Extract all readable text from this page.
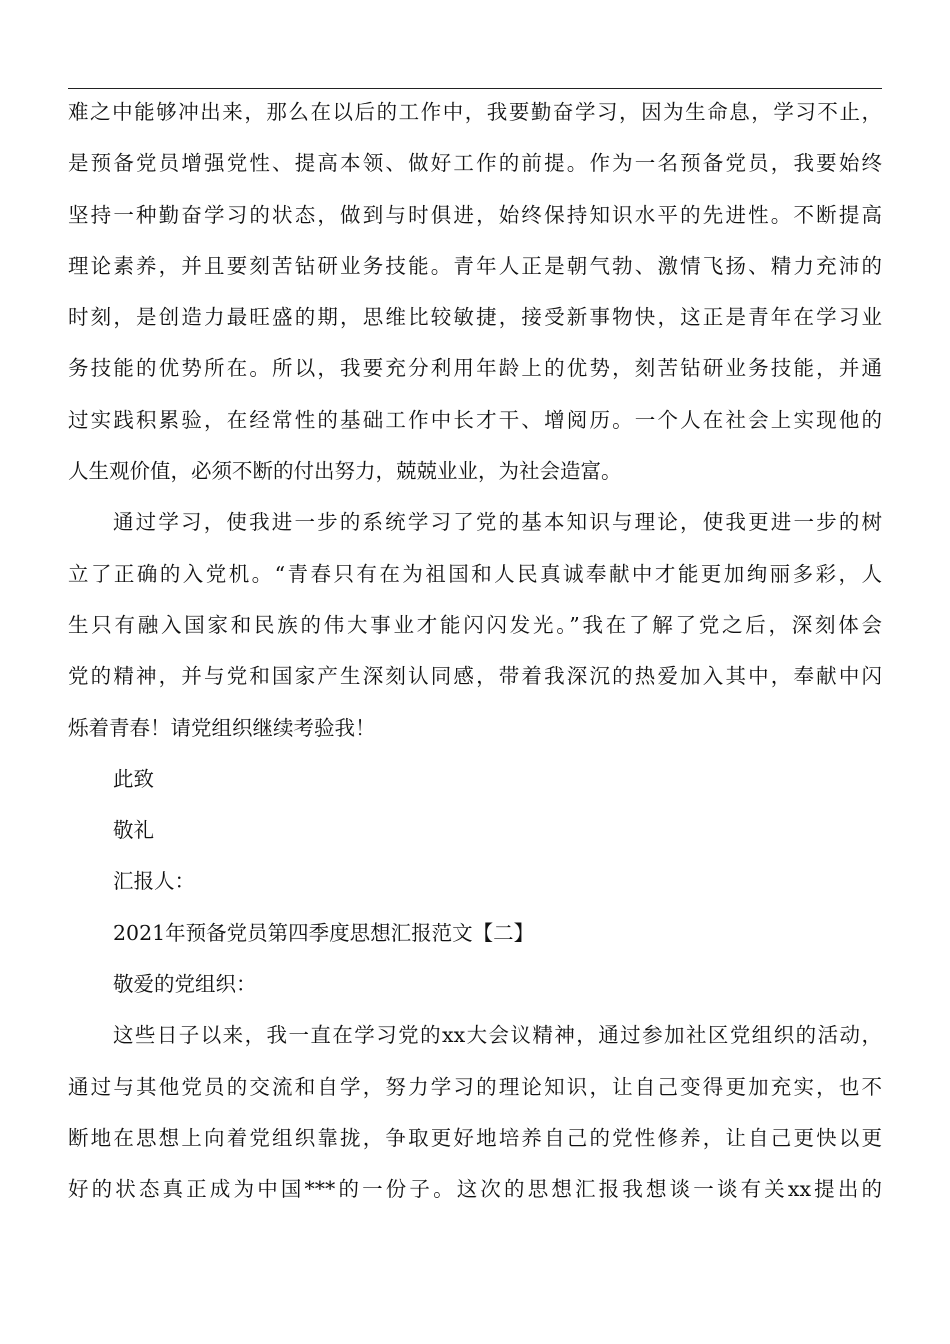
难之中能够冲出来，那么在以后的工作中，我要勤奋学习，因为生命息，学习不止，
是预备党员增强党性、提高本领、做好工作的前提。作为一名预备党员，我要始终
坚持一种勤奋学习的状态，做到与时俱进，始终保持知识水平的先进性。不断提高
理论素养，并且要刻苦钻研业务技能。青年人正是朝气勃、激情飞扬、精力充沛的
时刻，是创造力最旺盛的期，思维比较敏捷，接受新事物快，这正是青年在学习业
务技能的优势所在。所以，我要充分利用年龄上的优势，刻苦钻研业务技能，并通
过实践积累验，在经常性的基础工作中长才干、增阅历。一个人在社会上实现他的
人生观价值，必须不断的付出努力，兢兢业业，为社会造富。
通过学习，使我进一步的系统学习了党的基本知识与理论，使我更进一步的树
立了正确的入党机。“青春只有在为祖国和人民真诚奉献中才能更加绚丽多彩，人
生只有融入国家和民族的伟大事业才能闪闪发光。”我在了解了党之后，深刻体会
党的精神，并与党和国家产生深刻认同感，带着我深沉的热爱加入其中，奉献中闪
烁着青春！请党组织继续考验我！
此致
敬礼
汇报人：
2021年预备党员第四季度思想汇报范文【二】
敬爱的党组织：
这些日子以来，我一直在学习党的xx大会议精神，通过参加社区党组织的活动，
通过与其他党员的交流和自学，努力学习的理论知识，让自己变得更加充实，也不
断地在思想上向着党组织靠拢，争取更好地培养自己的党性修养，让自己更快以更
好的状态真正成为中国***的一份子。这次的思想汇报我想谈一谈有关xx提出的
